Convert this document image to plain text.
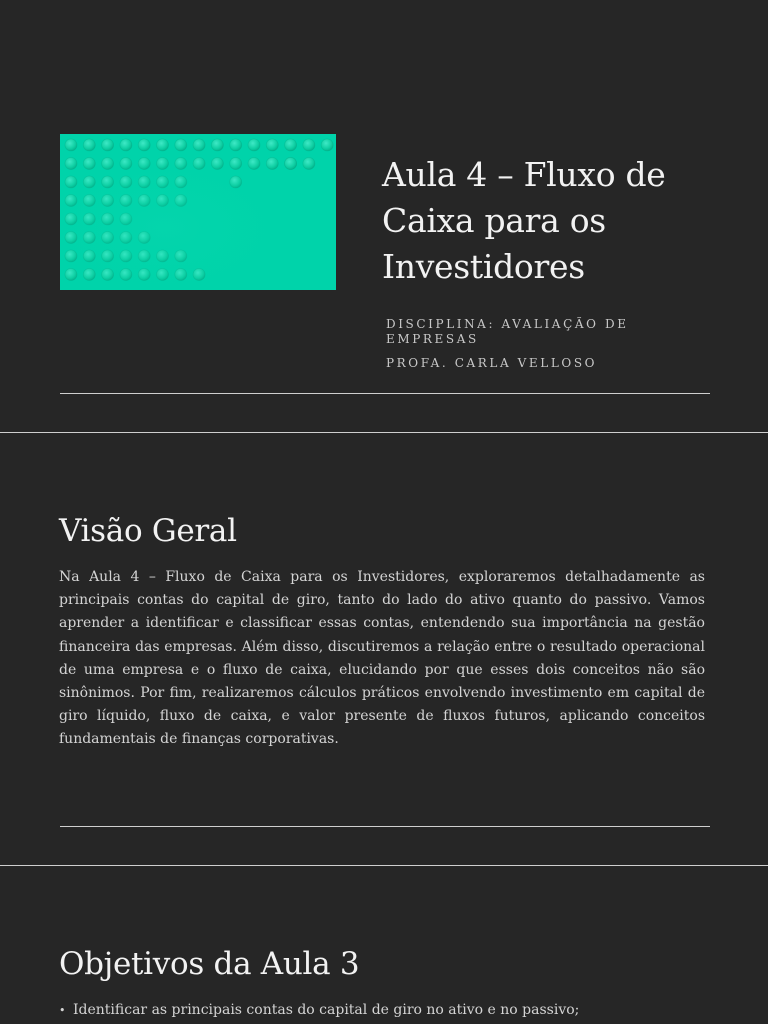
Aula 4 – Fluxo de Caixa para os Investidores
DISCIPLINA: AVALIAÇÃO DE EMPRESAS
PROFA. CARLA VELLOSO
Visão Geral

Na Aula 4 – Fluxo de Caixa para os Investidores, exploraremos detalhadamente as principais contas do capital de giro, tanto do lado do ativo quanto do passivo. Vamos aprender a identificar e classificar essas contas, entendendo sua importância na gestão financeira das empresas. Além disso, discutiremos a relação entre o resultado operacional de uma empresa e o fluxo de caixa, elucidando por que esses dois conceitos não são sinônimos. Por fim, realizaremos cálculos práticos envolvendo investimento em capital de giro líquido, fluxo de caixa, e valor presente de fluxos futuros, aplicando conceitos fundamentais de finanças corporativas.

Objetivos da Aula 3
• Identificar as principais contas do capital de giro no ativo e no passivo;
